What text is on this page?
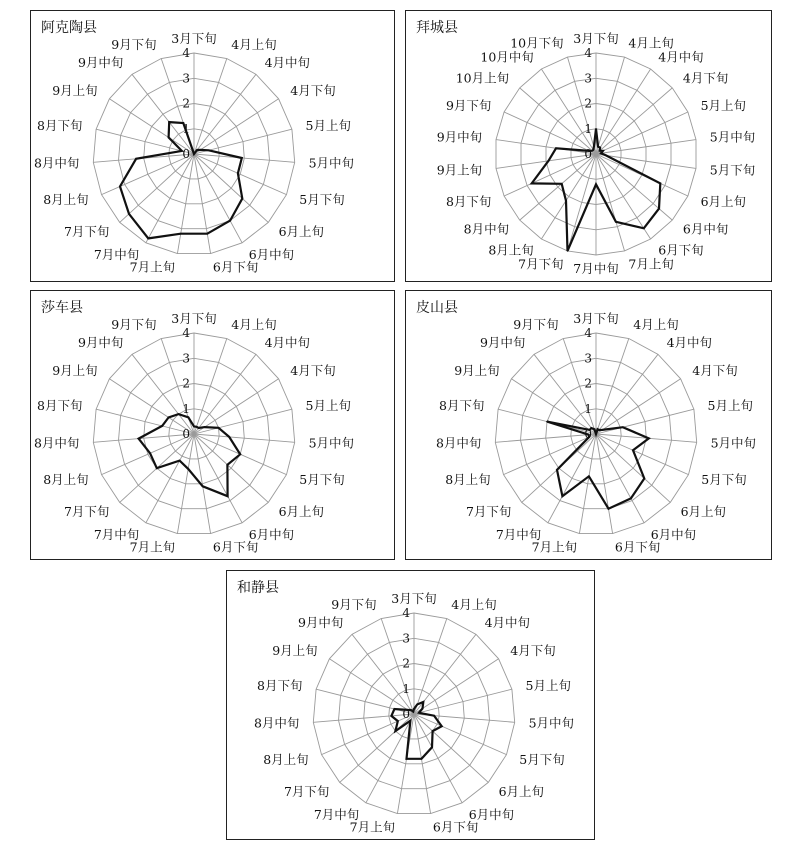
阿克陶县
0
1
2
3
4
3月下旬 4月上旬
4月中旬
4月下旬
5月上旬
5月中旬
5月下旬
6月上旬
6月中旬
6月下旬
7月上旬
7月中旬
7月下旬
8月上旬
8月中旬
8月下旬
9月上旬
9月中旬
9月下旬
拜城县
0
1
2
3
4
3月下旬 4月上旬
4月中旬
4月下旬
5月上旬
5月中旬
5月下旬
6月上旬
6月中旬
6月下旬
7月上旬
7月中旬
7月下旬
8月上旬
8月中旬
8月下旬
9月上旬
9月中旬
9月下旬
10月上旬
10月中旬
10月下旬
莎车县
0
1
2
3
4
3月下旬 4月上旬
4月中旬
4月下旬
5月上旬
5月中旬
5月下旬
6月上旬
6月中旬
6月下旬
7月上旬
7月中旬
7月下旬
8月上旬
8月中旬
8月下旬
9月上旬
9月中旬
9月下旬
皮山县
0
1
2
3
4
3月下旬 4月上旬
4月中旬
4月下旬
5月上旬
5月中旬
5月下旬
6月上旬
6月中旬
6月下旬
7月上旬
7月中旬
7月下旬
8月上旬
8月中旬
8月下旬
9月上旬
9月中旬
9月下旬
和静县
0
1
2
3
4
3月下旬 4月上旬
4月中旬
4月下旬
5月上旬
5月中旬
5月下旬
6月上旬
6月中旬
6月下旬
7月上旬
7月中旬
7月下旬
8月上旬
8月中旬
8月下旬
9月上旬
9月中旬
9月下旬
